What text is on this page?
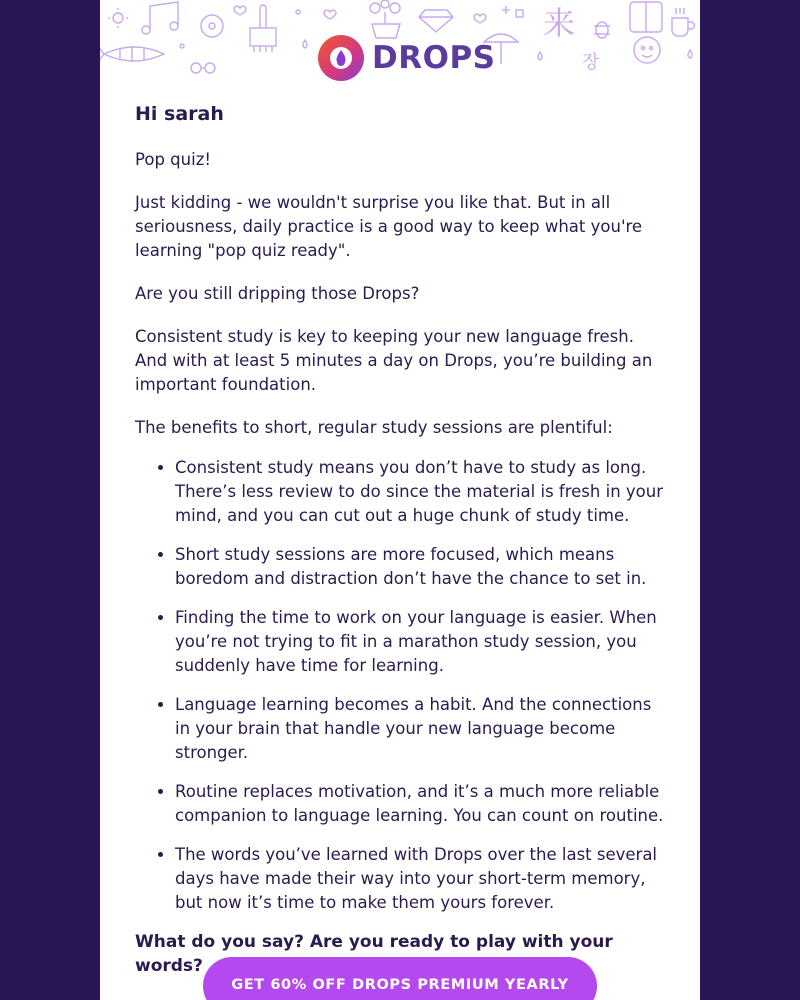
来
장
DROPS
Hi sarah

Pop quiz!

Just kidding - we wouldn't surprise you like that. But in all seriousness, daily practice is a good way to keep what you're learning "pop quiz ready".

Are you still dripping those Drops?

Consistent study is key to keeping your new language fresh. And with at least 5 minutes a day on Drops, you’re building an important foundation.

The benefits to short, regular study sessions are plentiful:

• Consistent study means you don’t have to study as long. There’s less review to do since the material is fresh in your mind, and you can cut out a huge chunk of study time.
• Short study sessions are more focused, which means boredom and distraction don’t have the chance to set in.
• Finding the time to work on your language is easier. When you’re not trying to fit in a marathon study session, you suddenly have time for learning.
• Language learning becomes a habit. And the connections in your brain that handle your new language become stronger.
• Routine replaces motivation, and it’s a much more reliable companion to language learning. You can count on routine.
• The words you’ve learned with Drops over the last several days have made their way into your short-term memory, but now it’s time to make them yours forever.

What do you say? Are you ready to play with your words?

GET 60% OFF DROPS PREMIUM YEARLY
